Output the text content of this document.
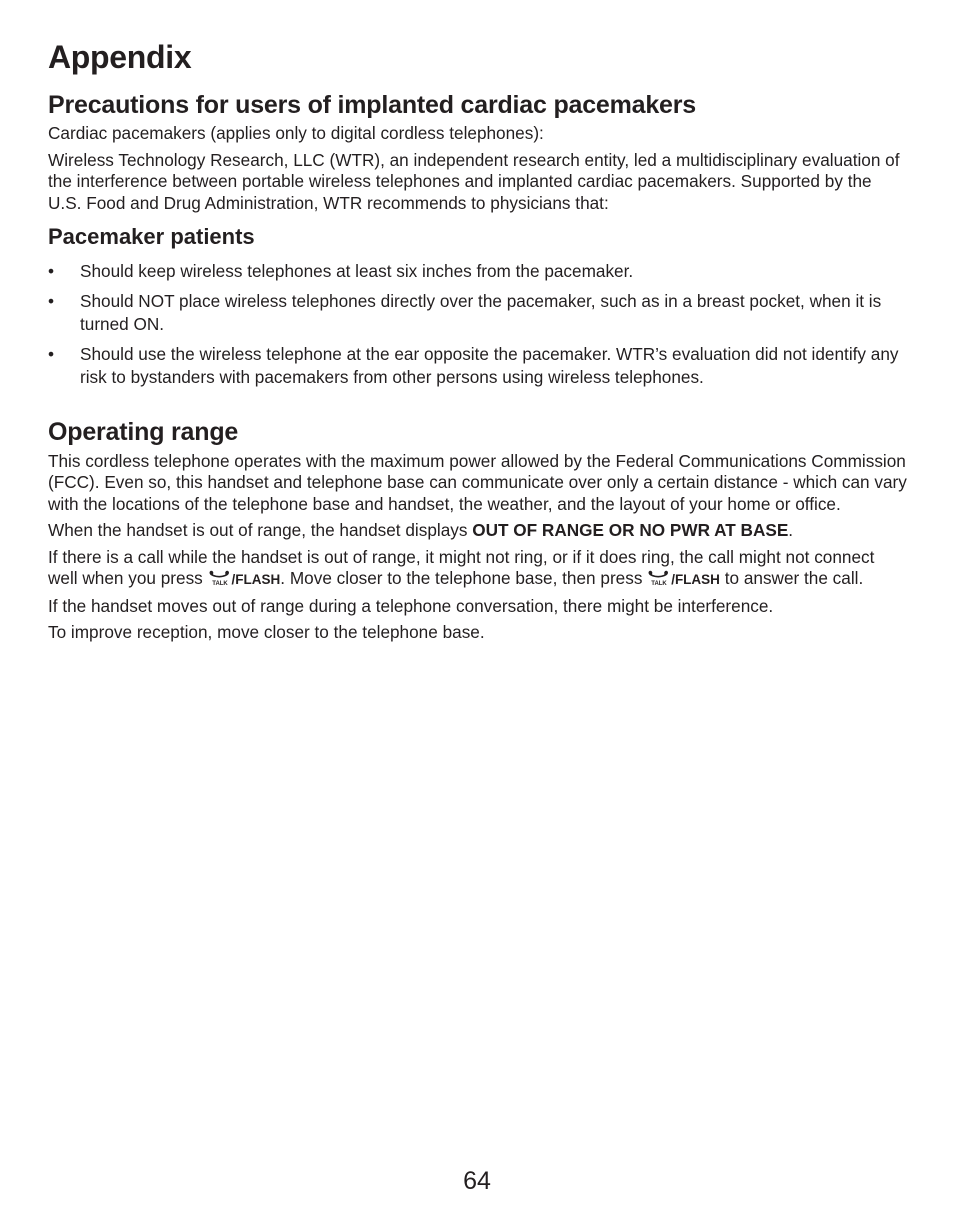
Appendix
Precautions for users of implanted cardiac pacemakers

Cardiac pacemakers (applies only to digital cordless telephones):

Wireless Technology Research, LLC (WTR), an independent research entity, led a multidisciplinary evaluation of the interference between portable wireless telephones and implanted cardiac pacemakers. Supported by the U.S. Food and Drug Administration, WTR recommends to physicians that:

Pacemaker patients
• Should keep wireless telephones at least six inches from the pacemaker.
• Should NOT place wireless telephones directly over the pacemaker, such as in a breast pocket, when it is turned ON.
• Should use the wireless telephone at the ear opposite the pacemaker. WTR’s evaluation did not identify any risk to bystanders with pacemakers from other persons using wireless telephones.
Operating range

This cordless telephone operates with the maximum power allowed by the Federal Communications Commission (FCC). Even so, this handset and telephone base can communicate over only a certain distance - which can vary with the locations of the telephone base and handset, the weather, and the layout of your home or office.

When the handset is out of range, the handset displays OUT OF RANGE OR NO PWR AT BASE.

If there is a call while the handset is out of range, it might not ring, or if it does ring, the call might not connect well when you press TALK /FLASH. Move closer to the telephone base, then press TALK /FLASH to answer the call.

If the handset moves out of range during a telephone conversation, there might be interference.

To improve reception, move closer to the telephone base.

64
